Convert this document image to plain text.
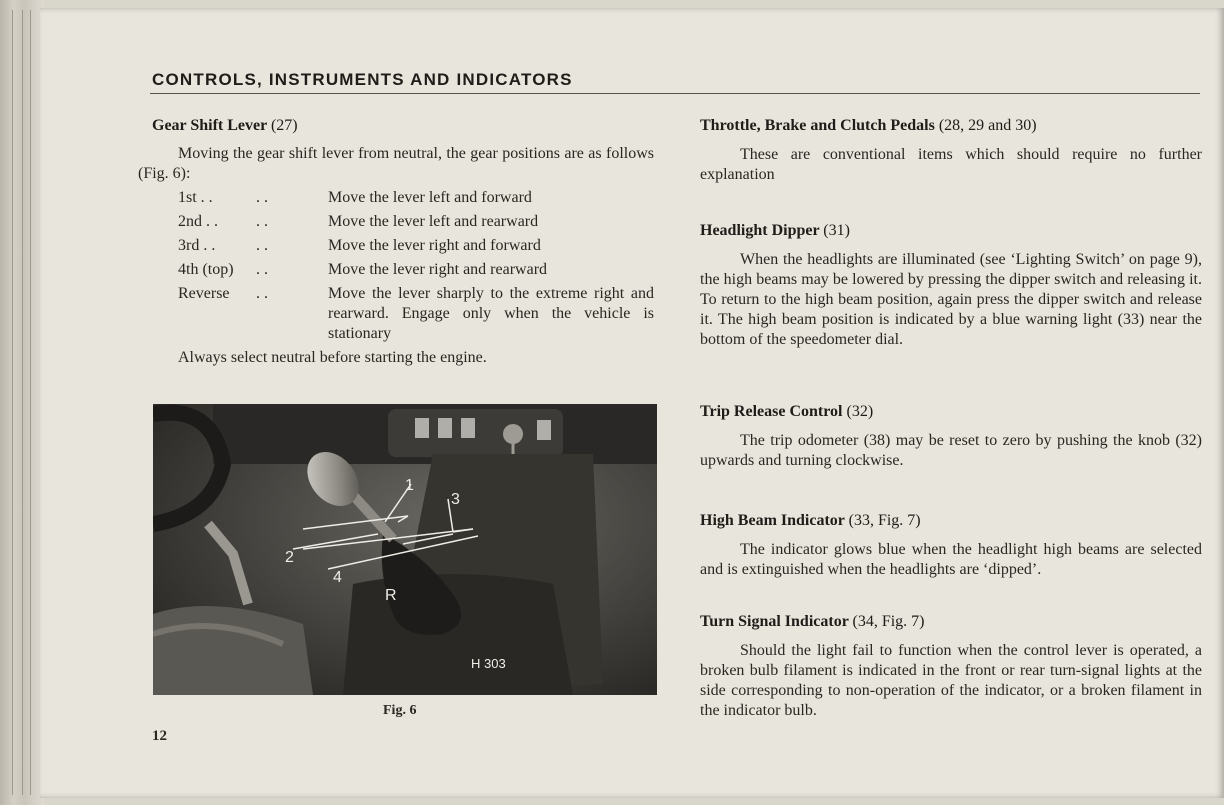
CONTROLS, INSTRUMENTS AND INDICATORS
Gear Shift Lever (27)

Moving the gear shift lever from neutral, the gear positions are as follows (Fig. 6):

1st . .	. .	Move the lever left and forward
2nd . .	. .	Move the lever left and rearward
3rd . .	. .	Move the lever right and forward
4th (top)	. .	Move the lever right and rearward
Reverse	. .	Move the lever sharply to the extreme right and rearward. Engage only when the vehicle is stationary

Always select neutral before starting the engine.

1
2
3
4
R
H 303
Fig. 6
12
Throttle, Brake and Clutch Pedals (28, 29 and 30)

These are conventional items which should require no further explanation

Headlight Dipper (31)

When the headlights are illuminated (see ‘Lighting Switch’ on page 9), the high beams may be lowered by pressing the dipper switch and releasing it. To return to the high beam position, again press the dipper switch and release it. The high beam position is indicated by a blue warning light (33) near the bottom of the speedometer dial.

Trip Release Control (32)

The trip odometer (38) may be reset to zero by pushing the knob (32) upwards and turning clockwise.

High Beam Indicator (33, Fig. 7)

The indicator glows blue when the headlight high beams are selected and is extinguished when the headlights are ‘dipped’.

Turn Signal Indicator (34, Fig. 7)

Should the light fail to function when the control lever is operated, a broken bulb filament is indicated in the front or rear turn-signal lights at the side corresponding to non-operation of the indicator, or a broken filament in the indicator bulb.
